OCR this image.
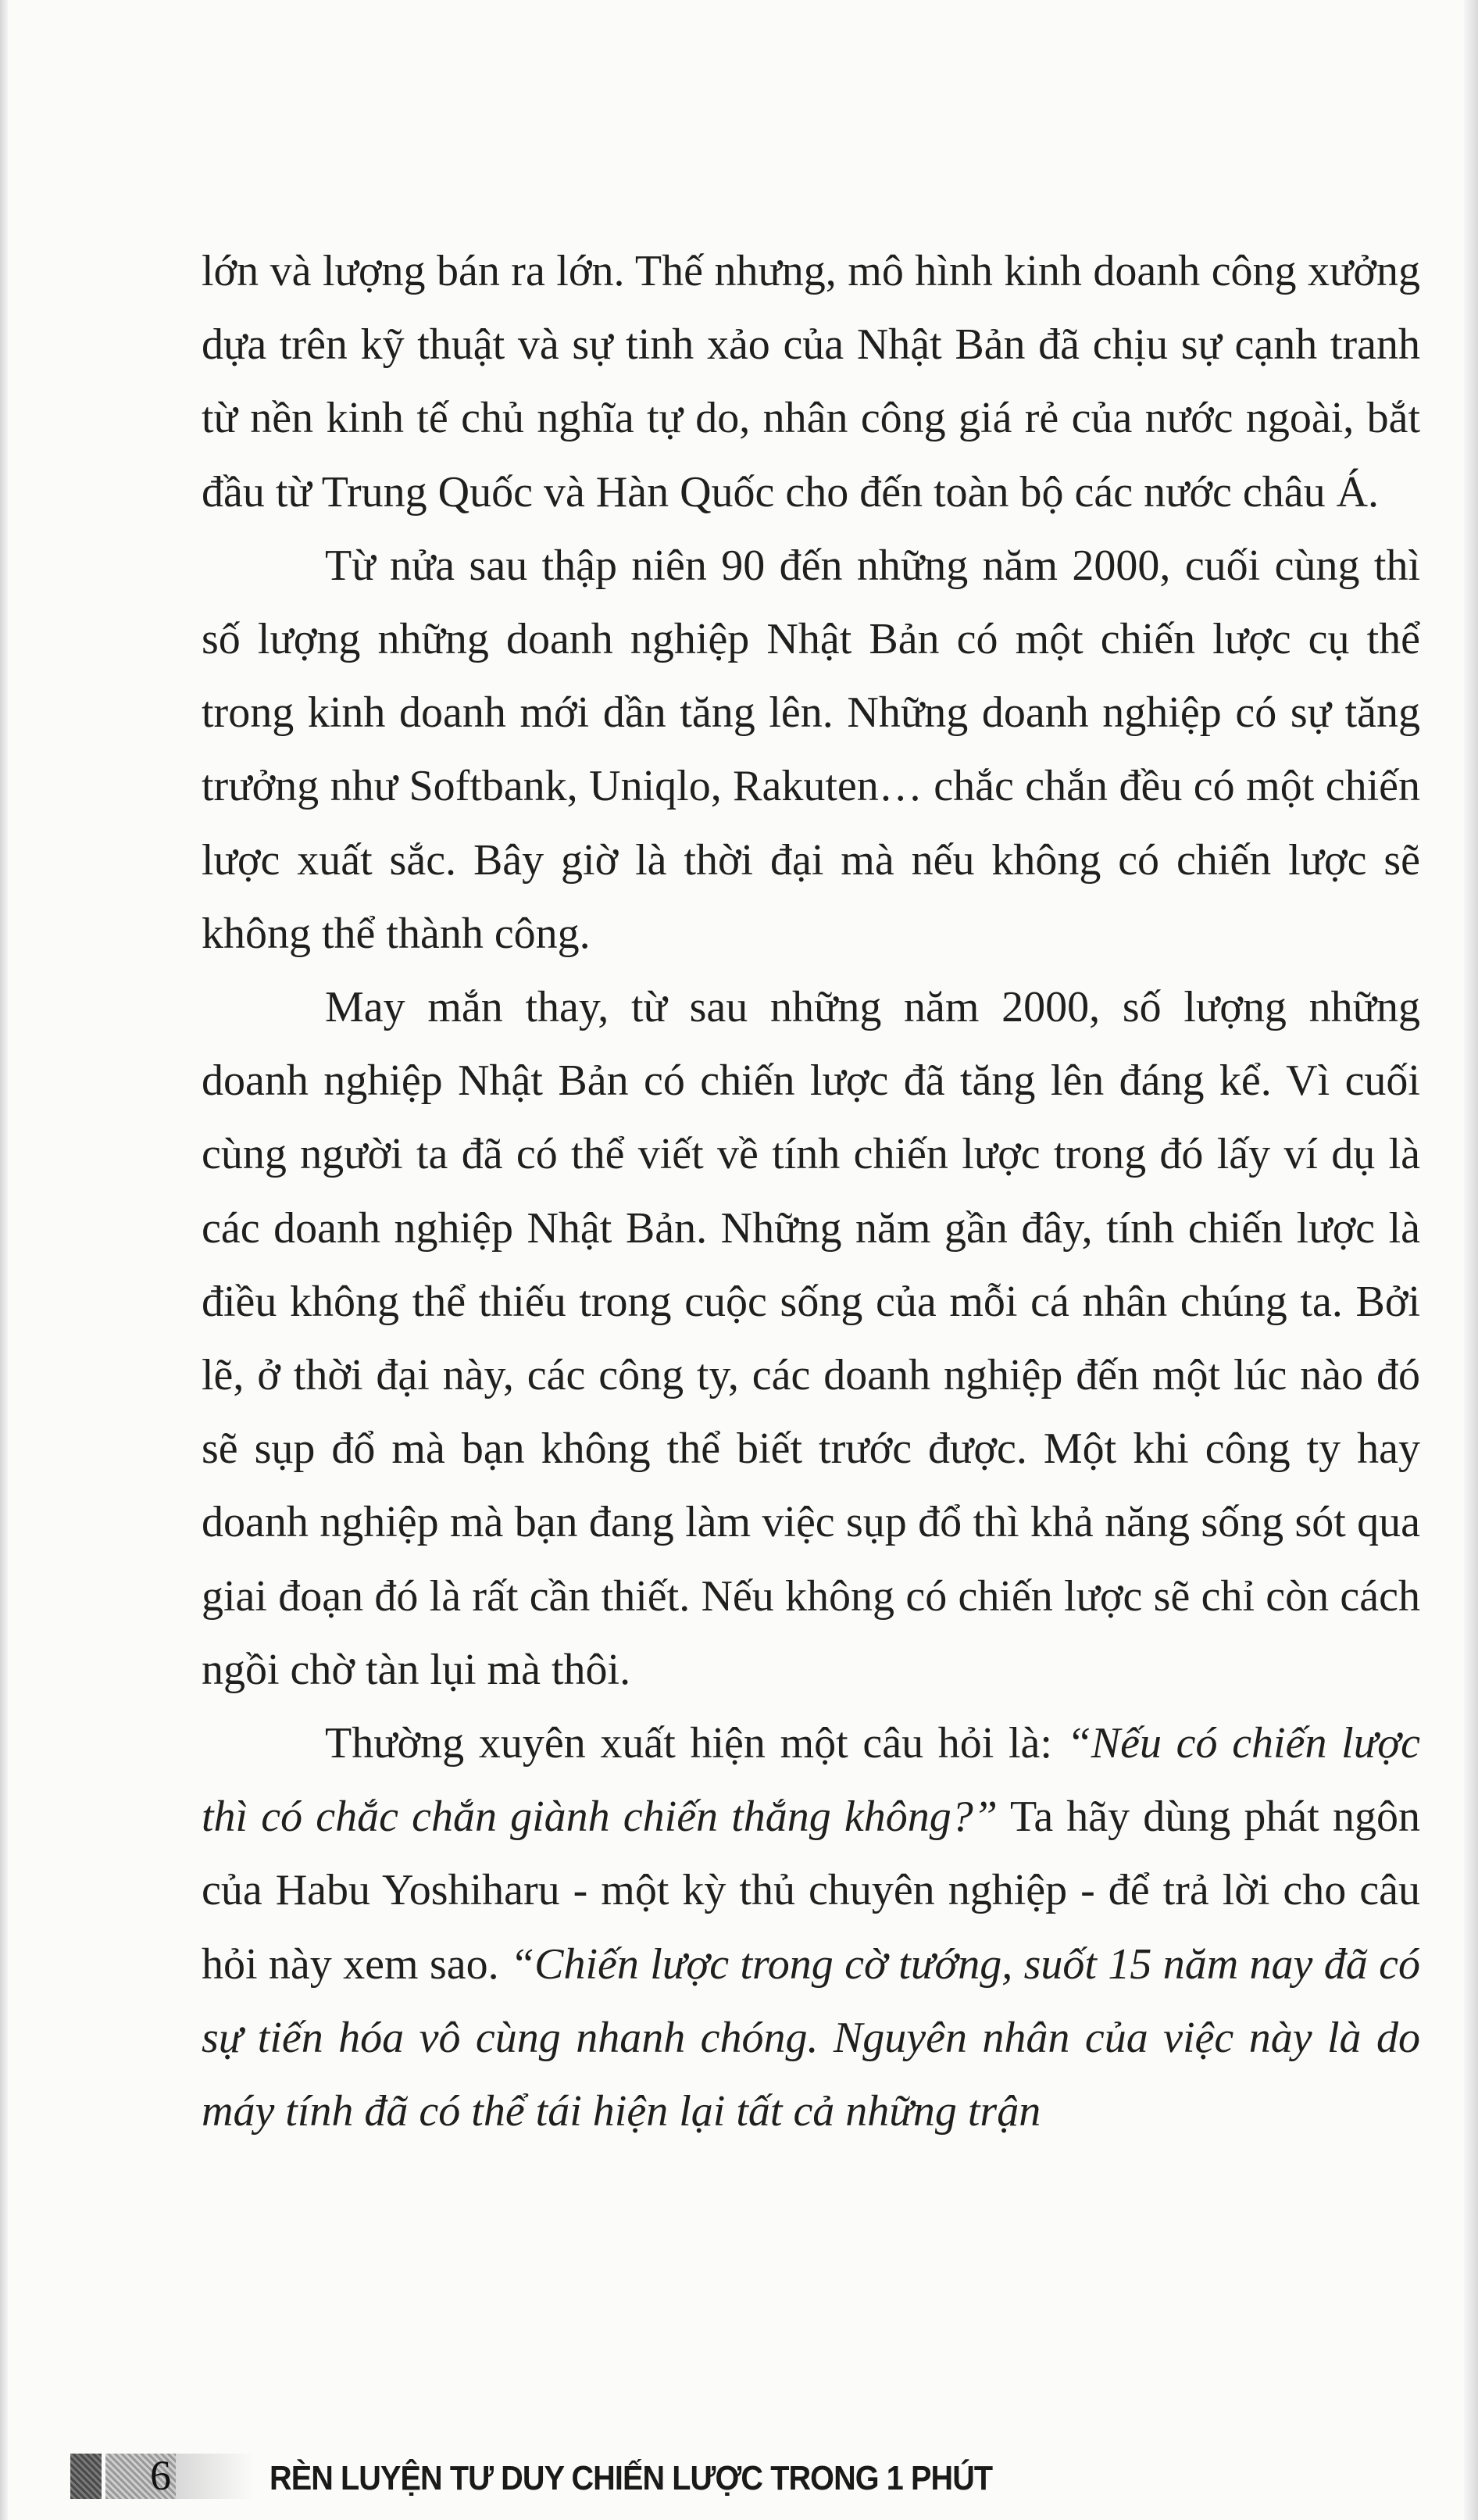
lớn và lượng bán ra lớn. Thế nhưng, mô hình kinh doanh công xưởng dựa trên kỹ thuật và sự tinh xảo của Nhật Bản đã chịu sự cạnh tranh từ nền kinh tế chủ nghĩa tự do, nhân công giá rẻ của nước ngoài, bắt đầu từ Trung Quốc và Hàn Quốc cho đến toàn bộ các nước châu Á.

Từ nửa sau thập niên 90 đến những năm 2000, cuối cùng thì số lượng những doanh nghiệp Nhật Bản có một chiến lược cụ thể trong kinh doanh mới dần tăng lên. Những doanh nghiệp có sự tăng trưởng như Softbank, Uniqlo, Rakuten… chắc chắn đều có một chiến lược xuất sắc. Bây giờ là thời đại mà nếu không có chiến lược sẽ không thể thành công.

May mắn thay, từ sau những năm 2000, số lượng những doanh nghiệp Nhật Bản có chiến lược đã tăng lên đáng kể. Vì cuối cùng người ta đã có thể viết về tính chiến lược trong đó lấy ví dụ là các doanh nghiệp Nhật Bản. Những năm gần đây, tính chiến lược là điều không thể thiếu trong cuộc sống của mỗi cá nhân chúng ta. Bởi lẽ, ở thời đại này, các công ty, các doanh nghiệp đến một lúc nào đó sẽ sụp đổ mà bạn không thể biết trước được. Một khi công ty hay doanh nghiệp mà bạn đang làm việc sụp đổ thì khả năng sống sót qua giai đoạn đó là rất cần thiết. Nếu không có chiến lược sẽ chỉ còn cách ngồi chờ tàn lụi mà thôi.

Thường xuyên xuất hiện một câu hỏi là: “Nếu có chiến lược thì có chắc chắn giành chiến thắng không?” Ta hãy dùng phát ngôn của Habu Yoshiharu - một kỳ thủ chuyên nghiệp - để trả lời cho câu hỏi này xem sao. “Chiến lược trong cờ tướng, suốt 15 năm nay đã có sự tiến hóa vô cùng nhanh chóng. Nguyên nhân của việc này là do máy tính đã có thể tái hiện lại tất cả những trận

6	RÈN LUYỆN TƯ DUY CHIẾN LƯỢC TRONG 1 PHÚT
